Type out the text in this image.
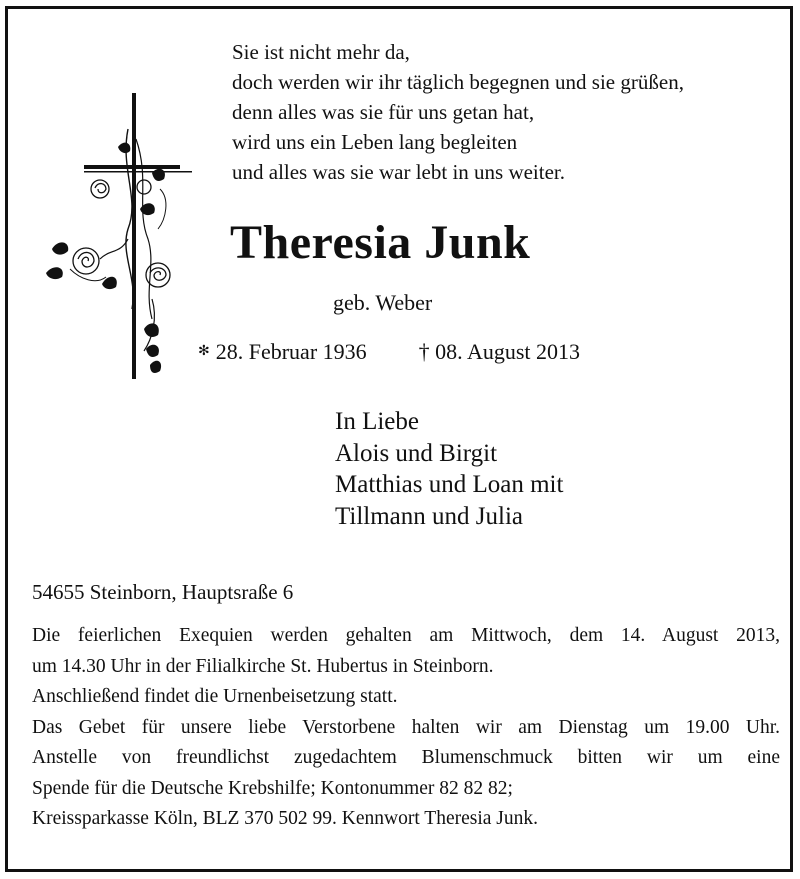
Sie ist nicht mehr da,
doch werden wir ihr täglich begegnen und sie grüßen,
denn alles was sie für uns getan hat,
wird uns ein Leben lang begleiten
und alles was sie war lebt in uns weiter.
Theresia Junk
geb. Weber
✻ 28. Februar 1936 † 08. August 2013
In Liebe
Alois und Birgit
Matthias und Loan mit
Tillmann und Julia
54655 Steinborn, Hauptsraße 6
Die feierlichen Exequien werden gehalten am Mittwoch, dem 14. August 2013,
um 14.30 Uhr in der Filialkirche St. Hubertus in Steinborn.
Anschließend findet die Urnenbeisetzung statt.
Das Gebet für unsere liebe Verstorbene halten wir am Dienstag um 19.00 Uhr.
Anstelle von freundlichst zugedachtem Blumenschmuck bitten wir um eine
Spende für die Deutsche Krebshilfe; Kontonummer 82 82 82;
Kreissparkasse Köln, BLZ 370 502 99. Kennwort Theresia Junk.
